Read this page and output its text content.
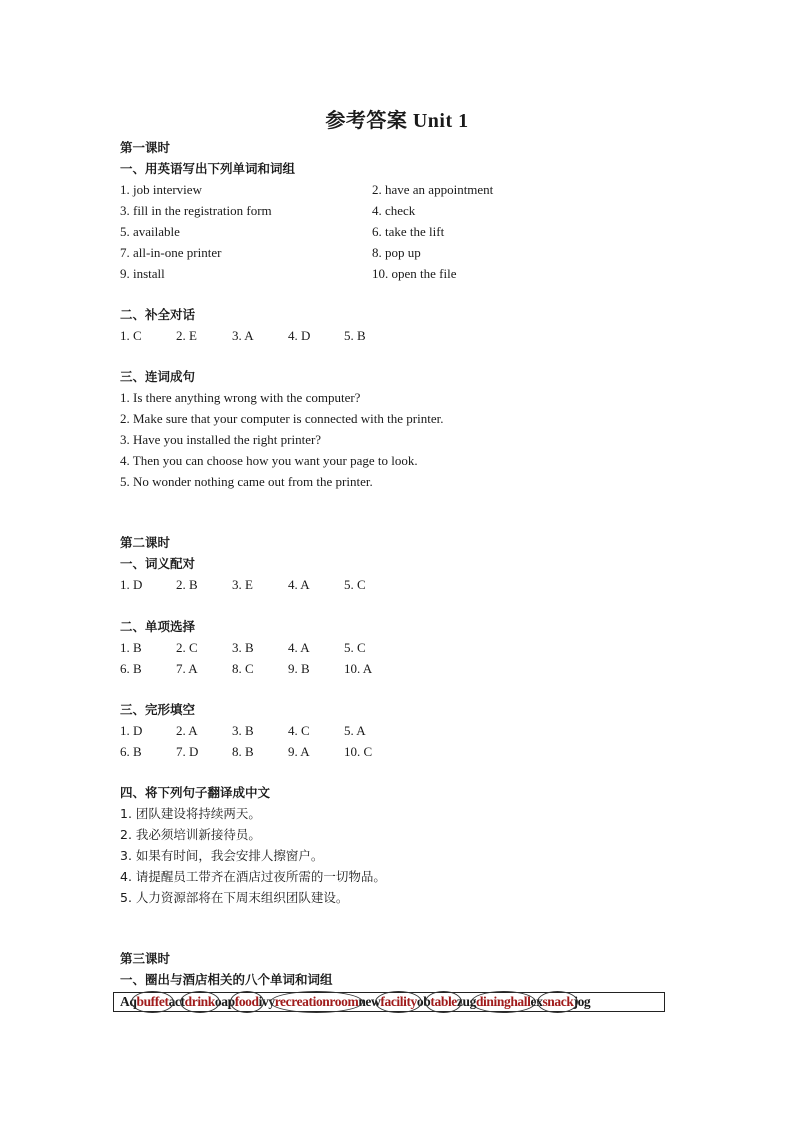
参考答案 Unit 1
第一课时
一、用英语写出下列单词和词组
1. job interview	2. have an appointment
3. fill in the registration form	4. check
5. available	6. take the lift
7. all-in-one printer	8. pop up
9. install	10. open the file
二、补全对话
1. C	2. E	3. A	4. D	5. B
三、连词成句
1. Is there anything wrong with the computer?
2. Make sure that your computer is connected with the printer.
3. Have you installed the right printer?
4. Then you can choose how you want your page to look.
5. No wonder nothing came out from the printer.
第二课时
一、词义配对
1. D	2. B	3. E	4. A	5. C
二、单项选择
1. B	2. C	3. B	4. A	5. C
6. B	7. A	8. C	9. B	10. A
三、完形填空
1. D	2. A	3. B	4. C	5. A
6. B	7. D	8. B	9. A	10. C
四、将下列句子翻译成中文
1. 团队建设将持续两天。
2. 我必须培训新接待员。
3. 如果有时间，我会安排人擦窗户。
4. 请提醒员工带齐在酒店过夜所需的一切物品。
5. 人力资源部将在下周末组织团队建设。
第三课时
一、圈出与酒店相关的八个单词和词组
Aqbuffetactdrinkoapfoodivyrecreationroomnewfacilityobtablezugdininghallexsnackjog
